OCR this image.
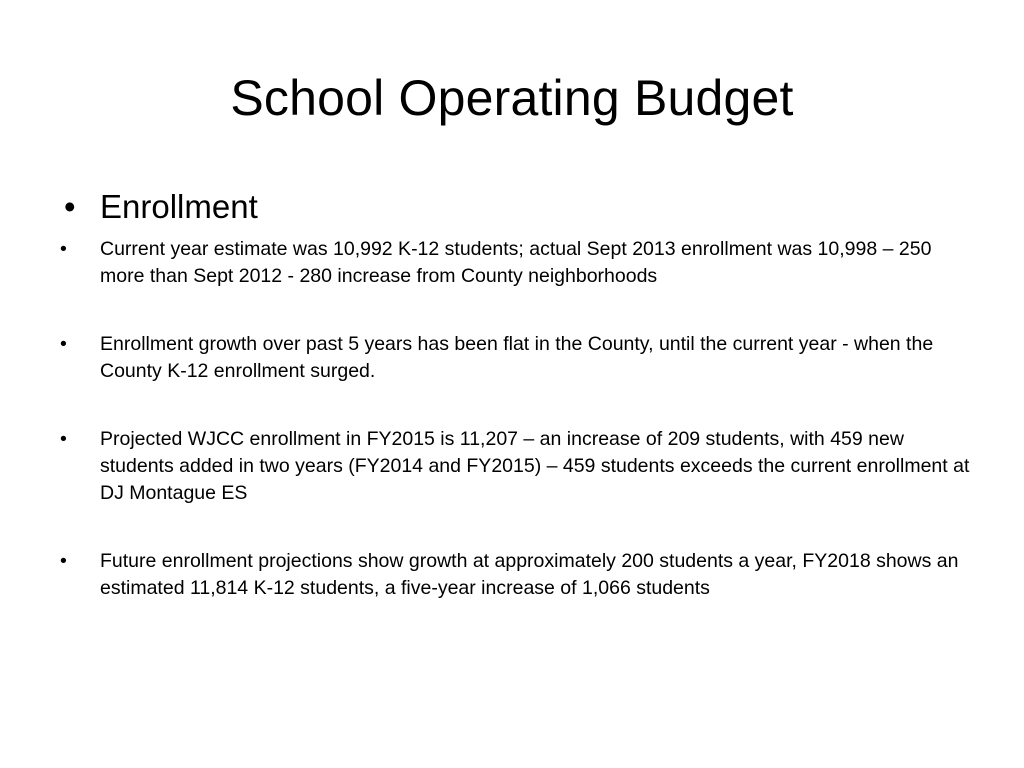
School Operating Budget
• Enrollment
• Current year estimate was 10,992 K-12 students; actual Sept 2013 enrollment was 10,998 – 250 more than Sept 2012 - 280 increase from County neighborhoods
• Enrollment growth over past 5 years has been flat in the County, until the current year - when the County K-12 enrollment surged.
• Projected WJCC enrollment in FY2015 is 11,207 – an increase of 209 students, with 459 new students added in two years (FY2014 and FY2015) – 459 students exceeds the current enrollment at DJ Montague ES
• Future enrollment projections show growth at approximately 200 students a year, FY2018 shows an estimated 11,814 K-12 students, a five-year increase of 1,066 students
